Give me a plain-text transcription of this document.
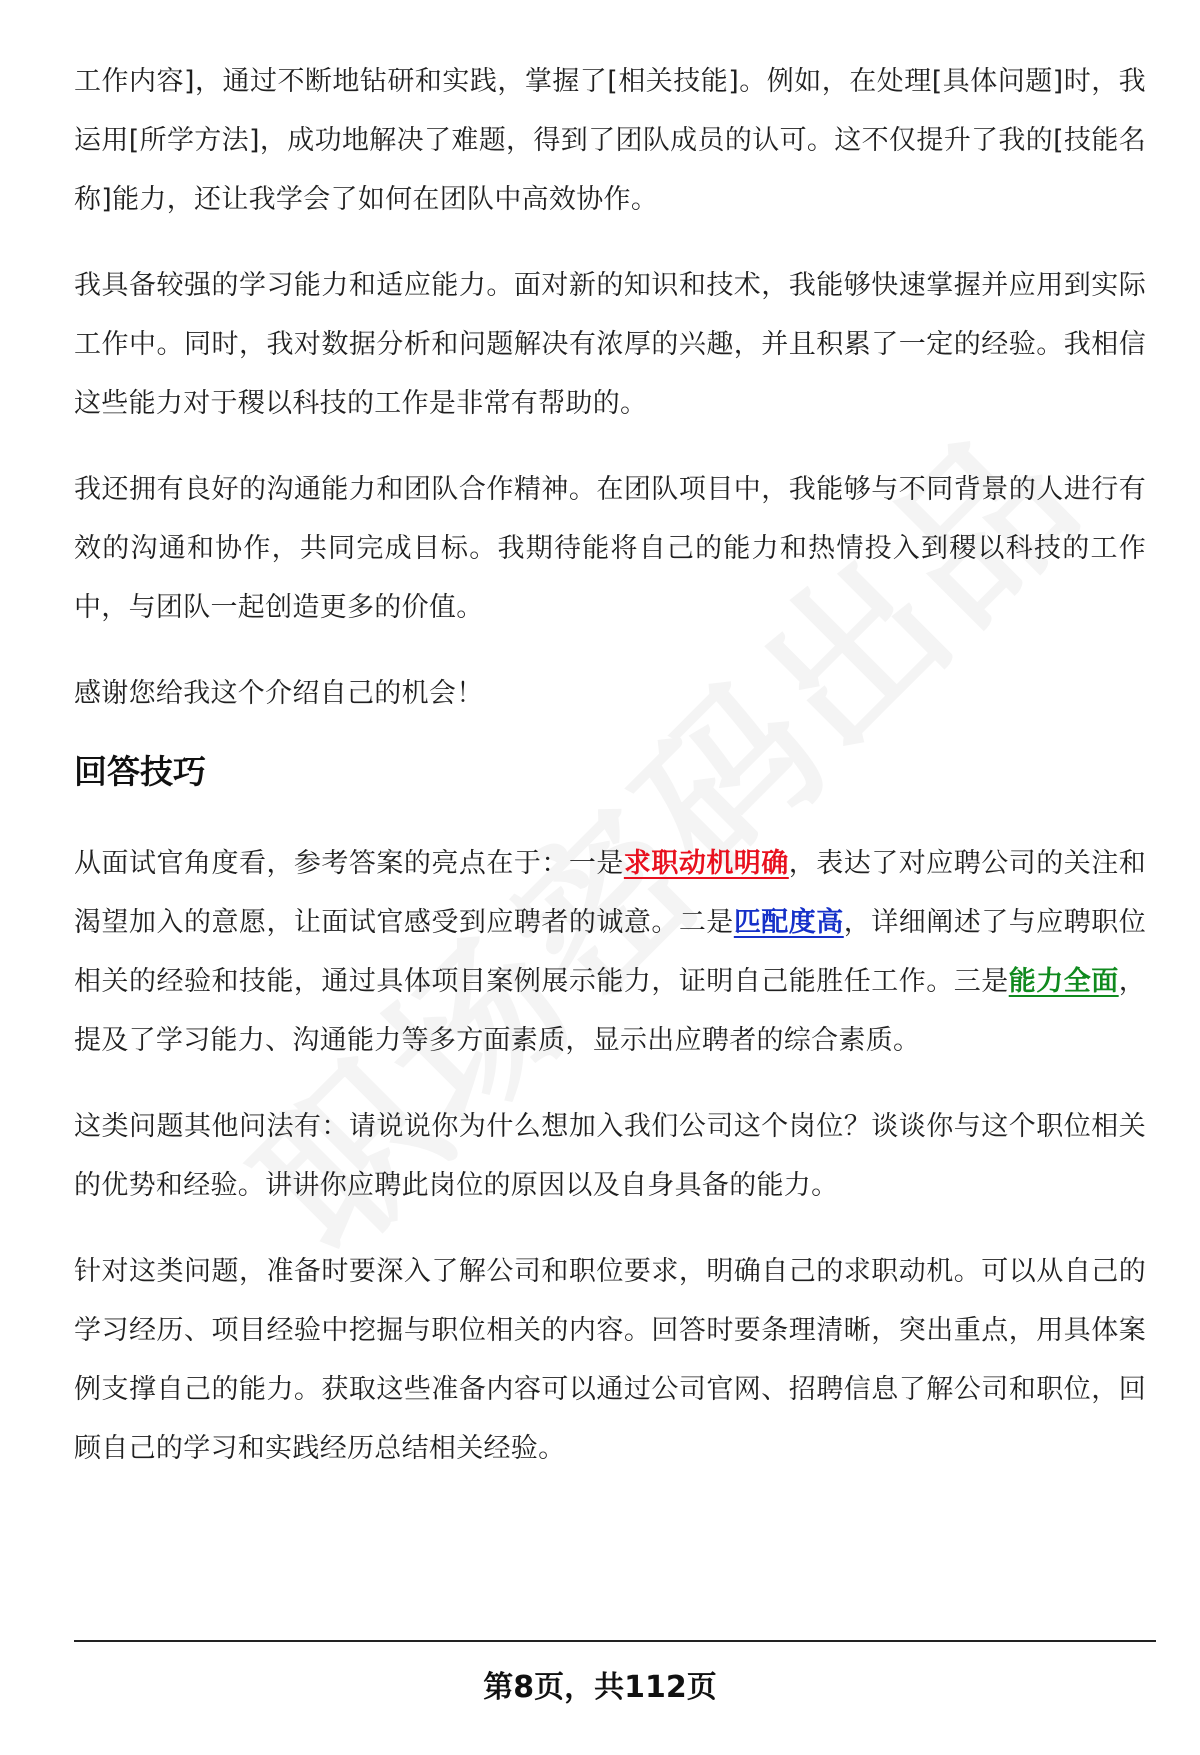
工作内容]，通过不断地钻研和实践，掌握了[相关技能]。例如，在处理[具体问题]时，我运用[所学方法]，成功地解决了难题，得到了团队成员的认可。这不仅提升了我的[技能名称]能力，还让我学会了如何在团队中高效协作。

我具备较强的学习能力和适应能力。面对新的知识和技术，我能够快速掌握并应用到实际工作中。同时，我对数据分析和问题解决有浓厚的兴趣，并且积累了一定的经验。我相信这些能力对于稷以科技的工作是非常有帮助的。

我还拥有良好的沟通能力和团队合作精神。在团队项目中，我能够与不同背景的人进行有效的沟通和协作，共同完成目标。我期待能将自己的能力和热情投入到稷以科技的工作中，与团队一起创造更多的价值。

感谢您给我这个介绍自己的机会！

回答技巧

从面试官角度看，参考答案的亮点在于：一是求职动机明确，表达了对应聘公司的关注和渴望加入的意愿，让面试官感受到应聘者的诚意。二是匹配度高，详细阐述了与应聘职位相关的经验和技能，通过具体项目案例展示能力，证明自己能胜任工作。三是能力全面，提及了学习能力、沟通能力等多方面素质，显示出应聘者的综合素质。

这类问题其他问法有：请说说你为什么想加入我们公司这个岗位？谈谈你与这个职位相关的优势和经验。讲讲你应聘此岗位的原因以及自身具备的能力。

针对这类问题，准备时要深入了解公司和职位要求，明确自己的求职动机。可以从自己的学习经历、项目经验中挖掘与职位相关的内容。回答时要条理清晰，突出重点，用具体案例支撑自己的能力。获取这些准备内容可以通过公司官网、招聘信息了解公司和职位，回顾自己的学习和实践经历总结相关经验。

第8页，共112页
